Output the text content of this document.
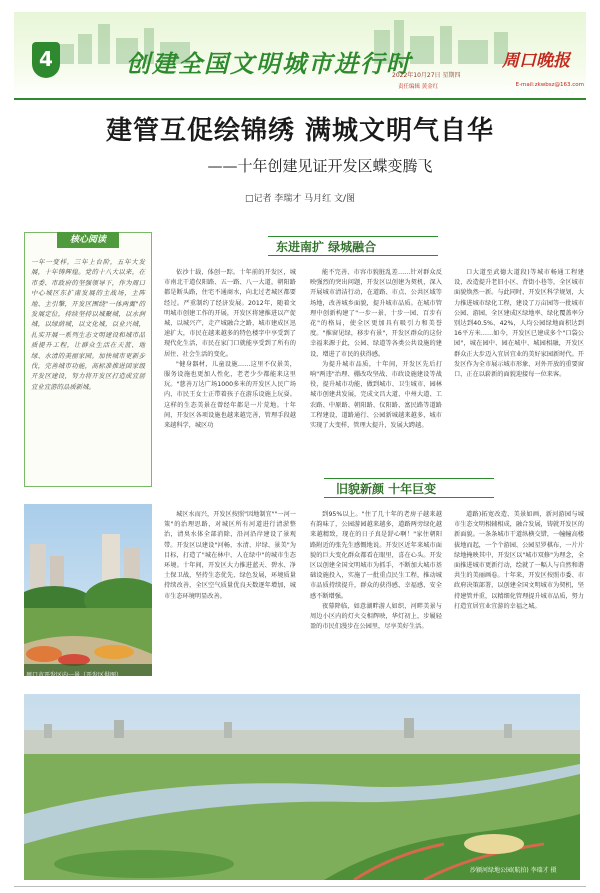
4	创建全国文明城市进行时	周口晚报
2022年10月27日 星期四
责任编辑 黄金红	E-mail:zkwbsz@163.com
建管互促绘锦绣 满城文明气自华
——十年创建见证开发区蝶变腾飞
□记者 李瑞才 马月红 文/图
核心阅读
一年一变样，三年上台阶，五年大发展，十年铸辉煌。党的十八大以来，在市委、市政府的坚强领导下，作为周口中心城区东扩南发展的主战场，主阵地、主引擎，开发区围绕"一体两翼"的发展定位，持续坚持以城聚城，以水润城，以绿荫城，以文化城，以业兴城，扎实开展一系列生态文明建设和城市品质提升工程，让群众生活在天蓝、地绿、水清的美丽家园。加快城市更新步伐，完善城市功能，高标准推进国家级开发区建设，努力将开发区打造成宜居宜业宜游的品质新城。
东进南扩 绿城融合

依沙十载，体创一踪。十年前的开发区，城市南北干道仅阳路、五一路、八一大道，朝阳路都是断头路，住宅不通商水，向北过老城区都要经过。严重制约了经济发展。2012年，随着文明城市创建工作的开展，开发区将建推进以产促城，以城兴产，走产城融合之路，城市建成区迅速扩大，市民在越来越多的特色楼字中享受到了现代化生活，市民在家门口就能享受到了所有的居住、社会生活的变化。

"健身器材，儿童设施……这里不仅景美，服务设施也更加人性化，老老少少都能来这里玩。"慈善万达广场1000多米的开发区人民广场内，市民王女士正带着孩子在游乐设施上玩耍。这样的生态美景在曾经年都是一片荒地。十年间，开发区各项设施也越来越完善，管理手段越来越科学，城区功

能不完善、市容市貌脏乱差……针对群众反映强烈的突出问题，开发区以创建为契机，深入开展城市清洁行动，在道路、市点、公共区域等场地，改善城乡面貌，提升城市品质。在城市管理中创新构建了"一步一景、十步一园、百步有花"的格局，使全区更加具有吸引力和美誉度。"推窗见绿，移步有景"，开发区群众的这份幸福来源于此，公园、绿道等各类公共设施的建设，增进了市民的获得感。

为提升城市品质，十年间，开发区先后打响"两违"治理、棚改攻坚战、市政设施建设等战役，提升城市功能，做到城市、卫生城市、园林城市创建共发展，完成文昌大道、中州大道、工农路、中原路、朝阳路、仪阳路、富民路等道路工程建设，道路通行、公园新城越来越多，城市实现了大变样，管理大提升，发展大跨越。

口大道至武德大道段)等城市畅通工程建设，改造提升老旧小区、背街小巷等，全区城市面貌焕然一新。与此同时，开发区科学规划，大力推进城市绿化工程，建设了万亩园等一批城市公园、游园，全区建成区绿地率、绿化覆盖率分别达到40.5%、42%，人均公园绿地面积达到16平方米……如今，开发区已建成多个"口袋公园"，城在园中、园在城中、城园相融，开发区群众正大步迈入宜居宜业的美好家园新时代。开发区作为全市展示城市形象、对外开放的重要窗口，正在以崭新的面貌迎接每一位来客。

旧貌新颜 十年巨变

城区水而兴，开发区按照"因地制宜""一河一策"的治理思路，对城区所有河道进行清淤整治，清臭水体全部消除，沿河沿岸建设了景观带。开发区以建设"河畅、水清、岸绿、景美"为目标，打造了"城在林中、人在绿中"的城市生态环境。十年间，开发区大力推进蓝天、碧水、净土保卫战，坚持生态优先、绿色发展，环境质量持续改善，全区空气质量优良天数逐年增加，城市生态环境明显改善。

到95%以上。"住了几十年的老房子越来越有韵味了，公园游园越来越多，道路两旁绿化越来越精致，现在的日子真是舒心啊！"家住朝阳路附近的张先生感慨地说。开发区近年来城市面貌的巨大变化群众都看在眼里，喜在心头。开发区以创建全国文明城市为抓手，不断加大城市基础设施投入，实施了一批重点民生工程，推动城市品质持续提升，群众的获得感、幸福感、安全感不断增强。

夜幕降临，如意湖畔游人如织，河畔美景与周边小区内的灯火交相辉映，华灯初上，步履轻盈的市民们漫步在公园里，尽享美好生活。

道路)拓宽改造、美景如画，新河游园与城市生态文明相辅相成，融合发展，铸就开发区的新面貌。一条条城市干道纵横交错，一幢幢高楼拔地而起，一个个游园、公园星罗棋布，一片片绿地掩映其中，开发区以"城市双修"为理念，全面推进城市更新行动，绘就了一幅人与自然和谐共生的美丽画卷。十年来，开发区按照市委、市政府决策部署，以创建全国文明城市为契机，坚持建管并重，以精细化管理提升城市品质，努力打造宜居宜业宜游的幸福之城。

周口市开发区内一景（开发区供图）
沙颍河绿地公园(航拍) 李瑞才 摄
